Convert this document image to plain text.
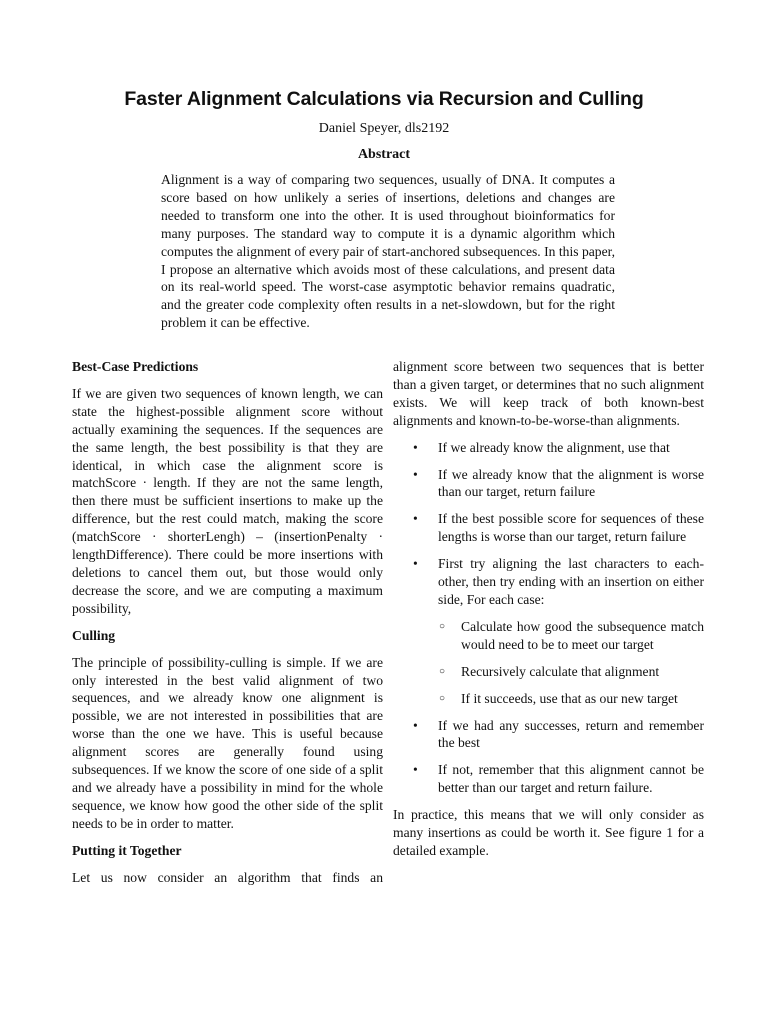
Faster Alignment Calculations via Recursion and Culling
Daniel Speyer, dls2192
Abstract

Alignment is a way of comparing two sequences, usually of DNA. It computes a score based on how unlikely a series of insertions, deletions and changes are needed to transform one into the other. It is used throughout bioinformatics for many purposes. The standard way to compute it is a dynamic algorithm which computes the alignment of every pair of start-anchored subsequences. In this paper, I propose an alternative which avoids most of these calculations, and present data on its real-world speed. The worst-case asymptotic behavior remains quadratic, and the greater code complexity often results in a net-slowdown, but for the right problem it can be effective.

Best-Case Predictions

If we are given two sequences of known length, we can state the highest-possible alignment score without actually examining the sequences. If the sequences are the same length, the best possibility is that they are identical, in which case the alignment score is matchScore · length. If they are not the same length, then there must be sufficient insertions to make up the difference, but the rest could match, making the score (matchScore · shorterLengh) – (insertionPenalty · lengthDifference). There could be more insertions with deletions to cancel them out, but those would only decrease the score, and we are computing a maximum possibility,

Culling

The principle of possibility-culling is simple. If we are only interested in the best valid alignment of two sequences, and we already know one alignment is possible, we are not interested in possibilities that are worse than the one we have. This is useful because alignment scores are generally found using subsequences. If we know the score of one side of a split and we already have a possibility in mind for the whole sequence, we know how good the other side of the split needs to be in order to matter.

Putting it Together

Let us now consider an algorithm that finds an

alignment score between two sequences that is better than a given target, or determines that no such alignment exists. We will keep track of both known-best alignments and known-to-be-worse-than alignments.

• If we already know the alignment, use that
• If we already know that the alignment is worse than our target, return failure
• If the best possible score for sequences of these lengths is worse than our target, return failure
• First try aligning the last characters to each-other, then try ending with an insertion on either side, For each case:
○ Calculate how good the subsequence match would need to be to meet our target
○ Recursively calculate that alignment
○ If it succeeds, use that as our new target
• If we had any successes, return and remember the best
• If not, remember that this alignment cannot be better than our target and return failure.

In practice, this means that we will only consider as many insertions as could be worth it. See figure 1 for a detailed example.
